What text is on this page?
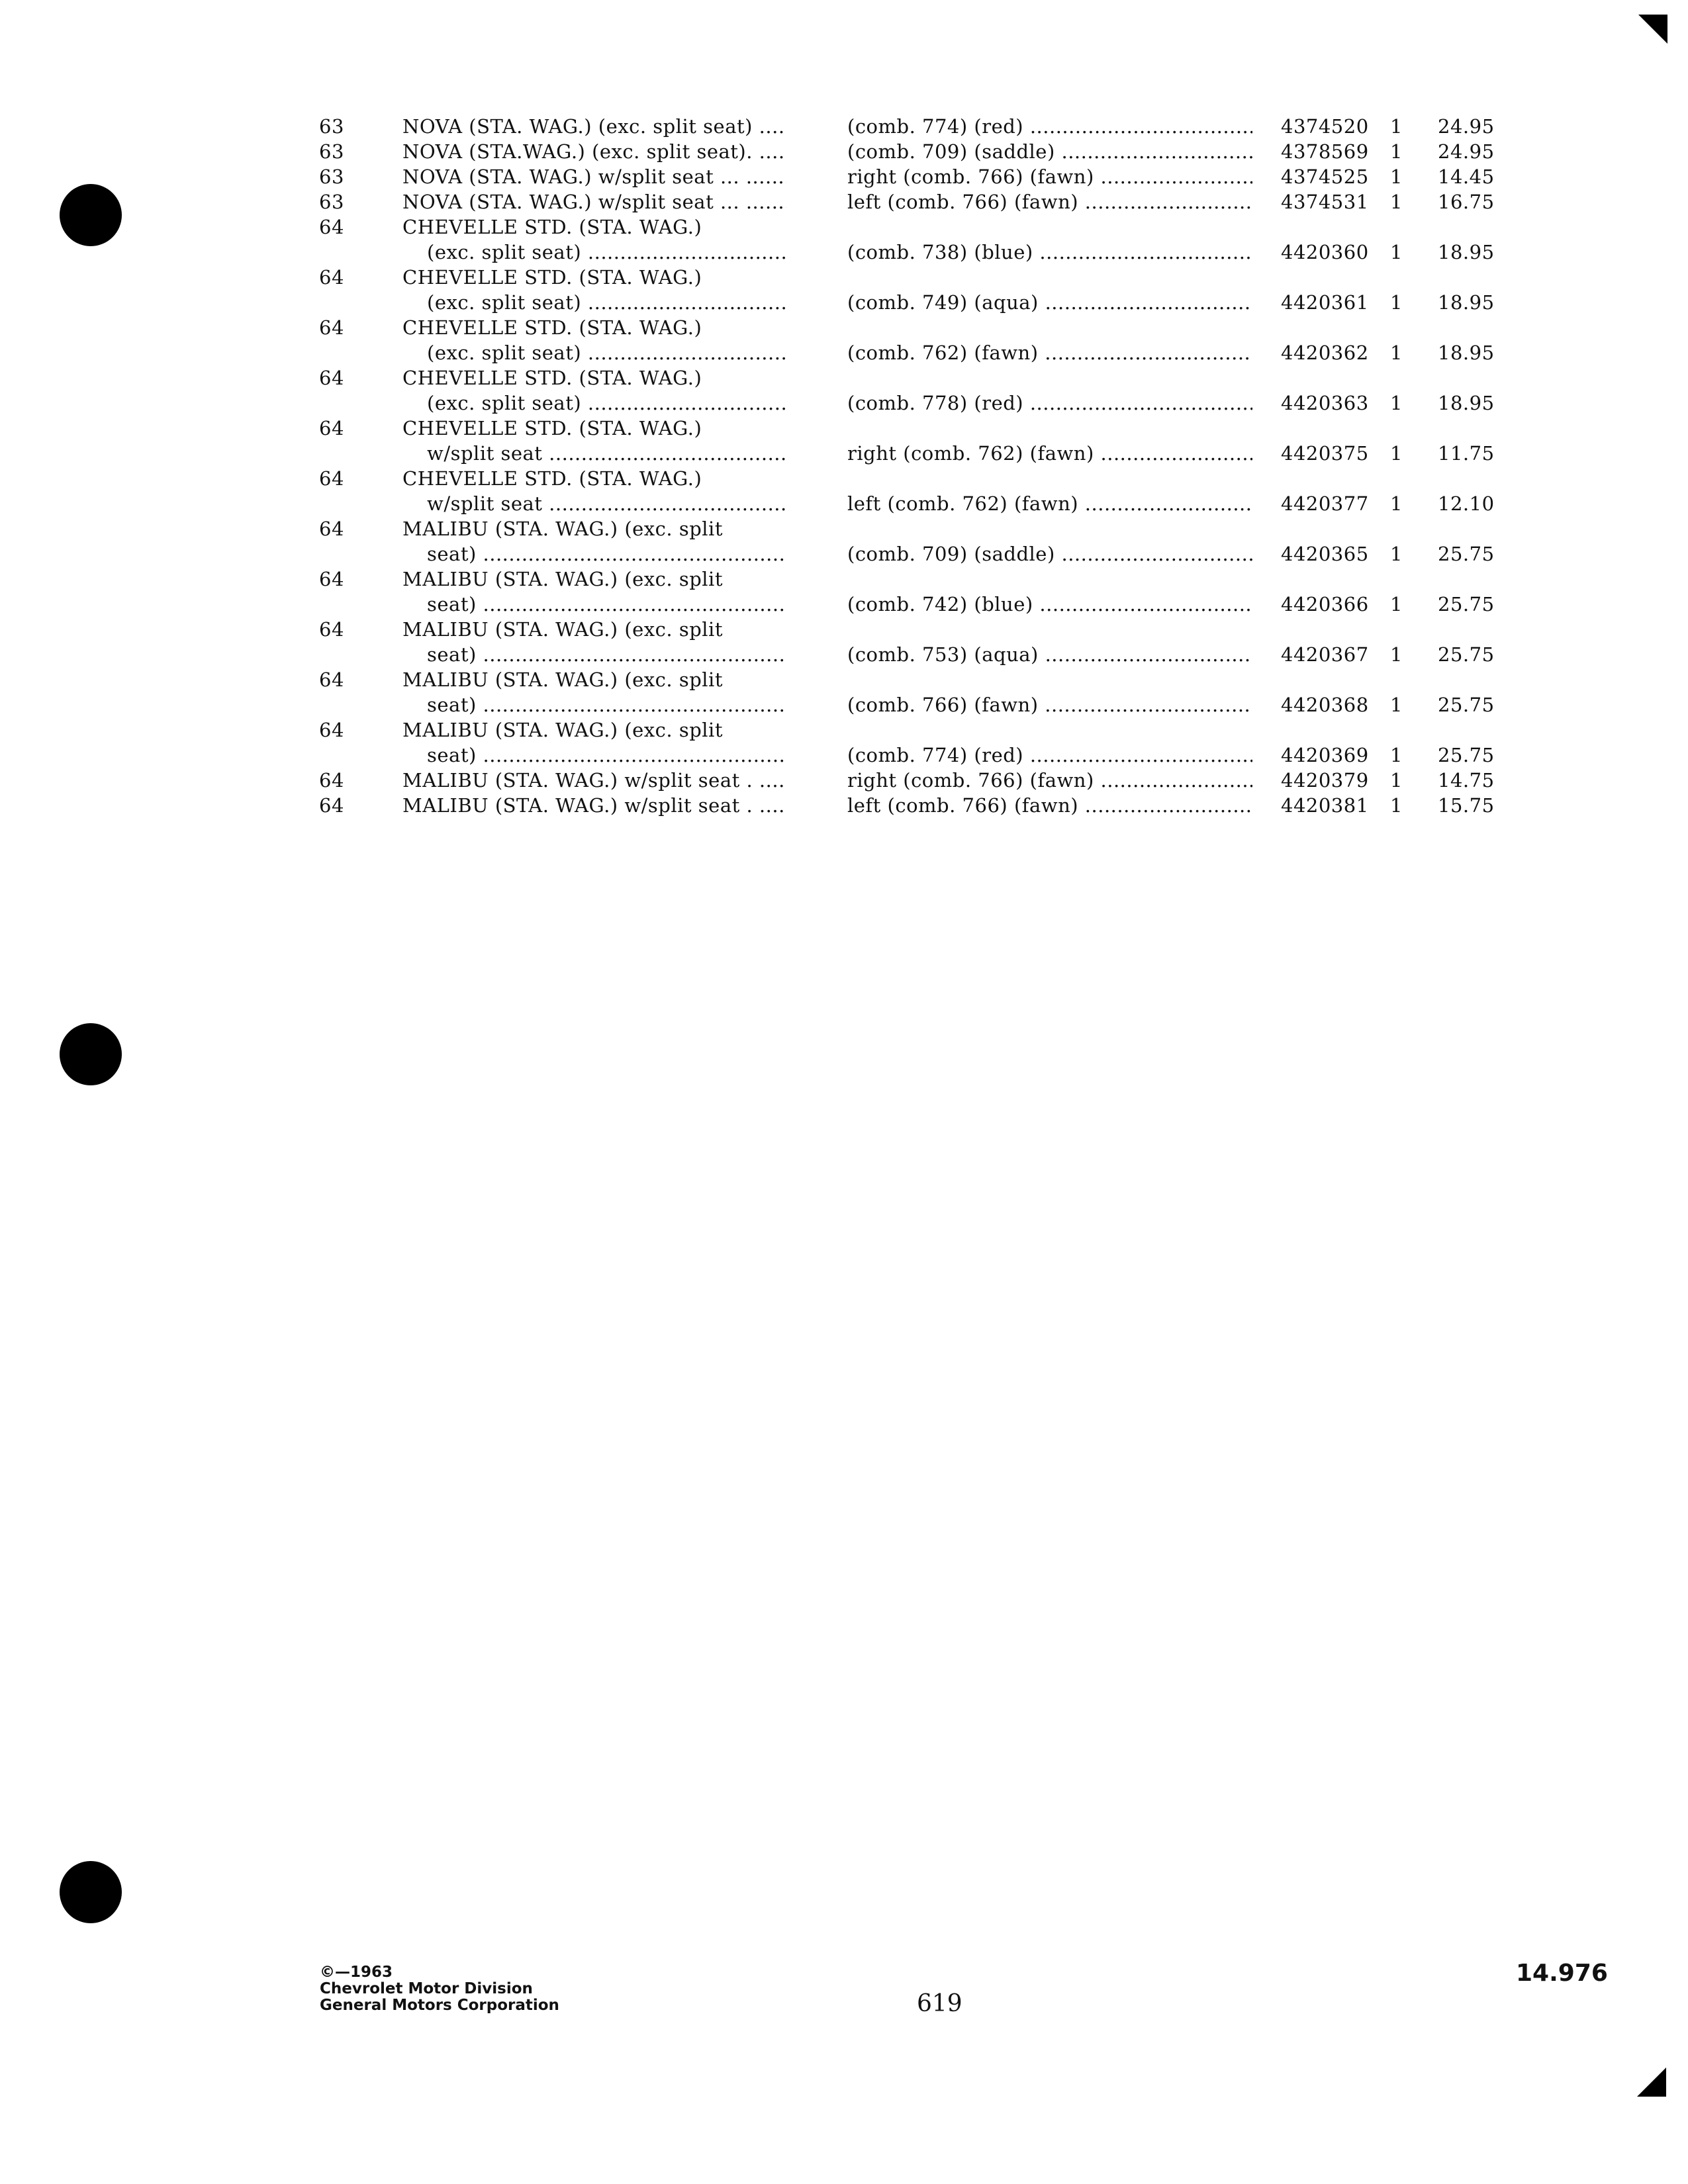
63	NOVA (STA. WAG.) (exc. split seat) .....	(comb. 774) (red) .....	4374520 1 24.95
63	NOVA (STA.WAG.) (exc. split seat). .....	(comb. 709) (saddle) .....	4378569 1 24.95
63	NOVA (STA. WAG.) w/split seat ... .....	right (comb. 766) (fawn) .....	4374525 1 14.45
63	NOVA (STA. WAG.) w/split seat ... .....	left (comb. 766) (fawn) .....	4374531 1 16.75
64	CHEVELLE STD. (STA. WAG.)
(exc. split seat) .....	(comb. 738) (blue) .....	4420360 1 18.95
64	CHEVELLE STD. (STA. WAG.)
(exc. split seat) .....	(comb. 749) (aqua) .....	4420361 1 18.95
64	CHEVELLE STD. (STA. WAG.)
(exc. split seat) .....	(comb. 762) (fawn) .....	4420362 1 18.95
64	CHEVELLE STD. (STA. WAG.)
(exc. split seat) .....	(comb. 778) (red) .....	4420363 1 18.95
64	CHEVELLE STD. (STA. WAG.)
w/split seat .....	right (comb. 762) (fawn) .....	4420375 1 11.75
64	CHEVELLE STD. (STA. WAG.)
w/split seat .....	left (comb. 762) (fawn) .....	4420377 1 12.10
64	MALIBU (STA. WAG.) (exc. split
seat) .....	(comb. 709) (saddle) .....	4420365 1 25.75
64	MALIBU (STA. WAG.) (exc. split
seat) .....	(comb. 742) (blue) .....	4420366 1 25.75
64	MALIBU (STA. WAG.) (exc. split
seat) .....	(comb. 753) (aqua) .....	4420367 1 25.75
64	MALIBU (STA. WAG.) (exc. split
seat) .....	(comb. 766) (fawn) .....	4420368 1 25.75
64	MALIBU (STA. WAG.) (exc. split
seat) .....	(comb. 774) (red) .....	4420369 1 25.75
64	MALIBU (STA. WAG.) w/split seat . .....	right (comb. 766) (fawn) .....	4420379 1 14.75
64	MALIBU (STA. WAG.) w/split seat . .....	left (comb. 766) (fawn) .....	4420381 1 15.75
©—1963
Chevrolet Motor Division
General Motors Corporation	619
14.976
